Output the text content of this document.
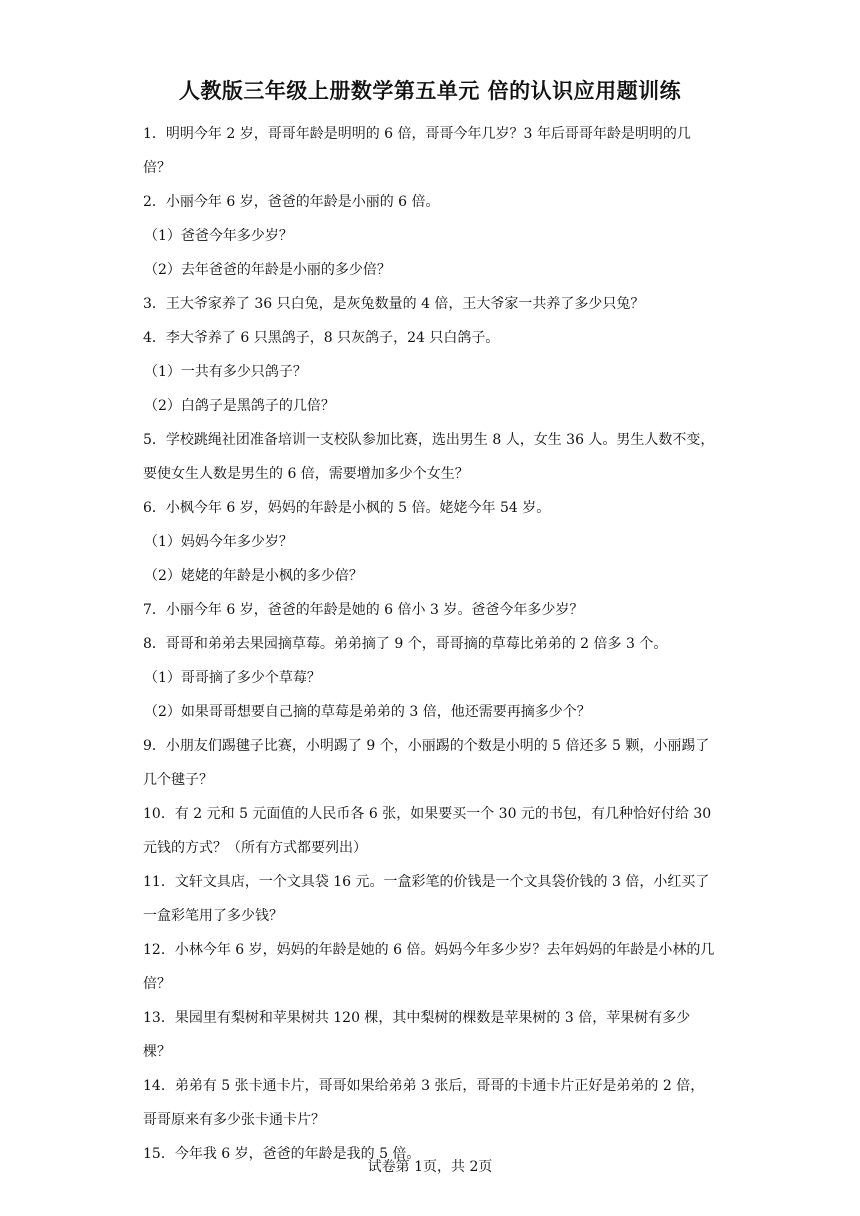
人教版三年级上册数学第五单元 倍的认识应用题训练

1．明明今年 2 岁，哥哥年龄是明明的 6 倍，哥哥今年几岁？3 年后哥哥年龄是明明的几倍？

2．小丽今年 6 岁，爸爸的年龄是小丽的 6 倍。

（1）爸爸今年多少岁？

（2）去年爸爸的年龄是小丽的多少倍？

3．王大爷家养了 36 只白兔，是灰兔数量的 4 倍，王大爷家一共养了多少只兔？

4．李大爷养了 6 只黑鸽子，8 只灰鸽子，24 只白鸽子。

（1）一共有多少只鸽子？

（2）白鸽子是黑鸽子的几倍？

5．学校跳绳社团准备培训一支校队参加比赛，选出男生 8 人，女生 36 人。男生人数不变，要使女生人数是男生的 6 倍，需要增加多少个女生？

6．小枫今年 6 岁，妈妈的年龄是小枫的 5 倍。姥姥今年 54 岁。

（1）妈妈今年多少岁？

（2）姥姥的年龄是小枫的多少倍？

7．小丽今年 6 岁，爸爸的年龄是她的 6 倍小 3 岁。爸爸今年多少岁？

8．哥哥和弟弟去果园摘草莓。弟弟摘了 9 个，哥哥摘的草莓比弟弟的 2 倍多 3 个。

（1）哥哥摘了多少个草莓？

（2）如果哥哥想要自己摘的草莓是弟弟的 3 倍，他还需要再摘多少个？

9．小朋友们踢毽子比赛，小明踢了 9 个，小丽踢的个数是小明的 5 倍还多 5 颗，小丽踢了几个毽子？

10．有 2 元和 5 元面值的人民币各 6 张，如果要买一个 30 元的书包，有几种恰好付给 30 元钱的方式？（所有方式都要列出）

11．文轩文具店，一个文具袋 16 元。一盒彩笔的价钱是一个文具袋价钱的 3 倍，小红买了一盒彩笔用了多少钱？

12．小林今年 6 岁，妈妈的年龄是她的 6 倍。妈妈今年多少岁？去年妈妈的年龄是小林的几倍？

13．果园里有梨树和苹果树共 120 棵，其中梨树的棵数是苹果树的 3 倍，苹果树有多少棵？

14．弟弟有 5 张卡通卡片，哥哥如果给弟弟 3 张后，哥哥的卡通卡片正好是弟弟的 2 倍，哥哥原来有多少张卡通卡片？

15．今年我 6 岁，爸爸的年龄是我的 5 倍。

试卷第 1页，共 2页
